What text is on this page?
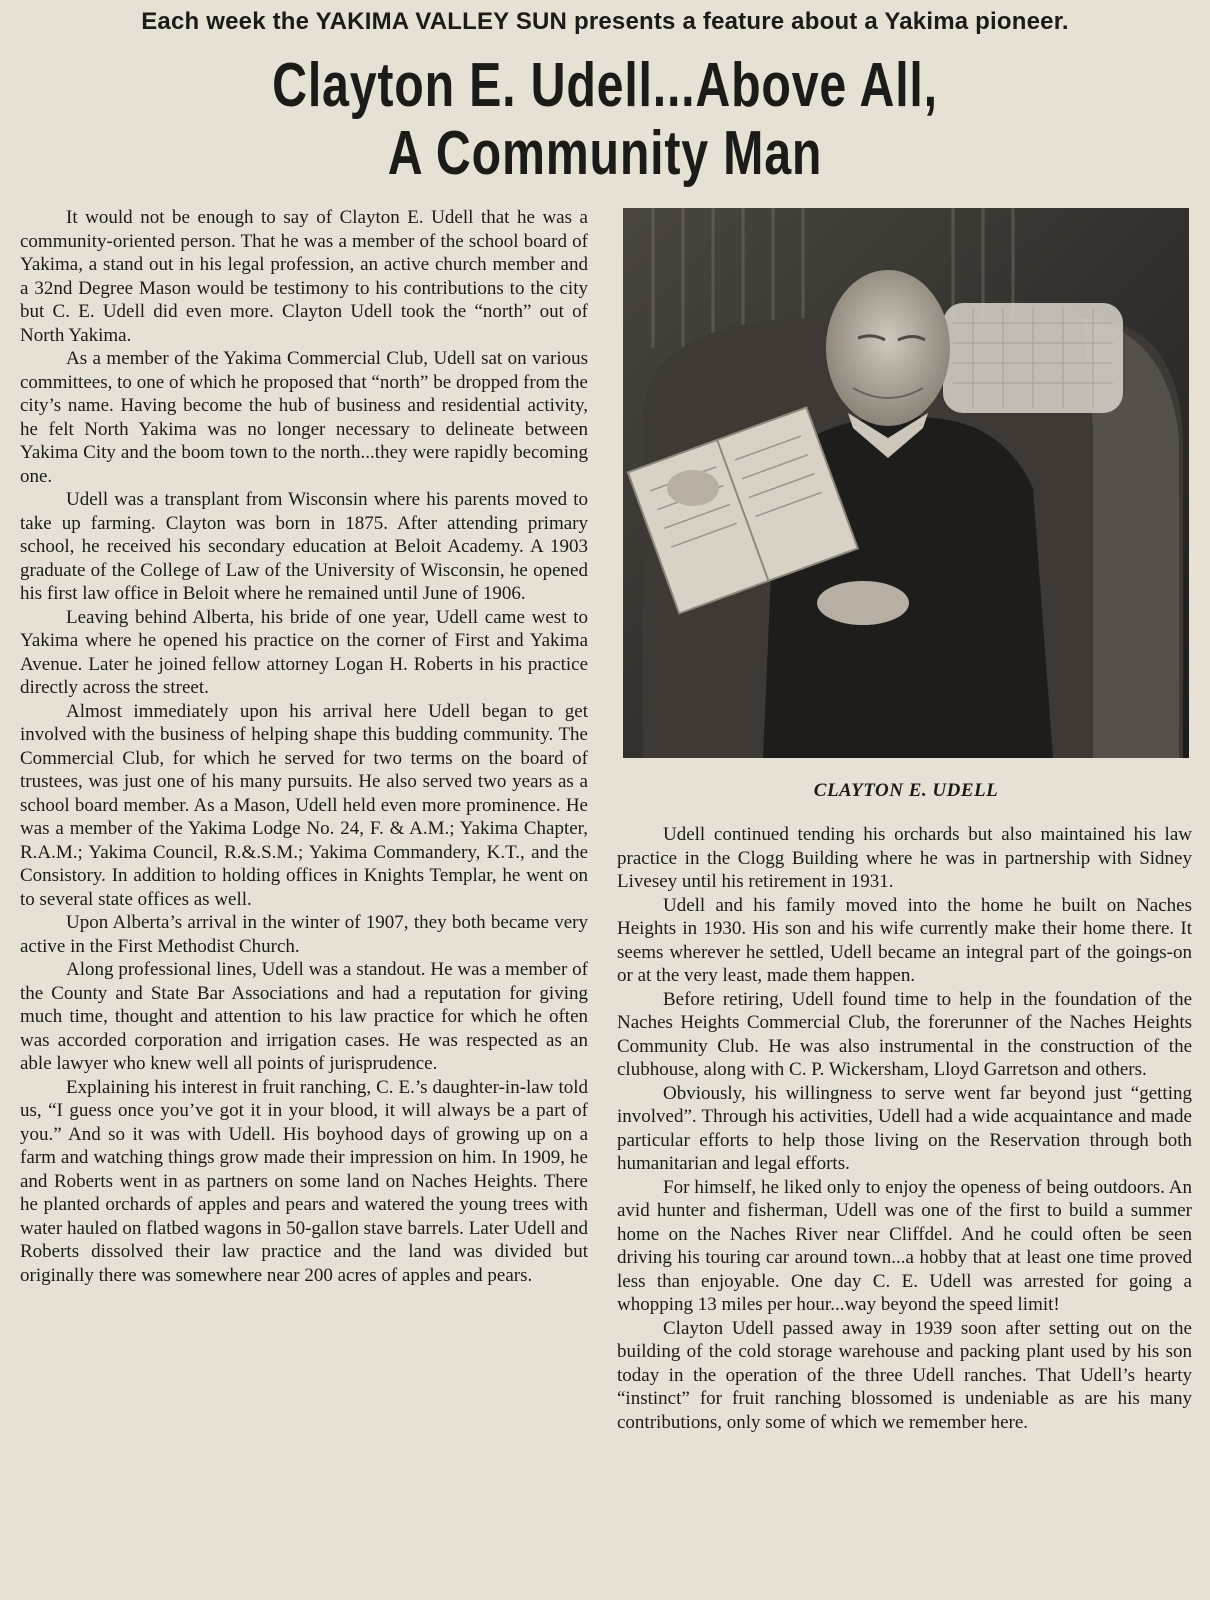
Each week the YAKIMA VALLEY SUN presents a feature about a Yakima pioneer.
Clayton E. Udell...Above All,
A Community Man

It would not be enough to say of Clayton E. Udell that he was a community-oriented person. That he was a member of the school board of Yakima, a stand out in his legal profession, an active church member and a 32nd Degree Mason would be testimony to his contributions to the city but C. E. Udell did even more. Clayton Udell took the “north” out of North Yakima.

As a member of the Yakima Commercial Club, Udell sat on various committees, to one of which he proposed that “north” be dropped from the city’s name. Having become the hub of business and residential activity, he felt North Yakima was no longer necessary to delineate between Yakima City and the boom town to the north...they were rapidly becoming one.

Udell was a transplant from Wisconsin where his parents moved to take up farming. Clayton was born in 1875. After attending primary school, he received his secondary education at Beloit Academy. A 1903 graduate of the College of Law of the University of Wisconsin, he opened his first law office in Beloit where he remained until June of 1906.

Leaving behind Alberta, his bride of one year, Udell came west to Yakima where he opened his practice on the corner of First and Yakima Avenue. Later he joined fellow attorney Logan H. Roberts in his practice directly across the street.

Almost immediately upon his arrival here Udell began to get involved with the business of helping shape this budding community. The Commercial Club, for which he served for two terms on the board of trustees, was just one of his many pursuits. He also served two years as a school board member. As a Mason, Udell held even more prominence. He was a member of the Yakima Lodge No. 24, F. & A.M.; Yakima Chapter, R.A.M.; Yakima Council, R.&.S.M.; Yakima Commandery, K.T., and the Consistory. In addition to holding offices in Knights Templar, he went on to several state offices as well.

Upon Alberta’s arrival in the winter of 1907, they both became very active in the First Methodist Church.

Along professional lines, Udell was a standout. He was a member of the County and State Bar Associations and had a reputation for giving much time, thought and attention to his law practice for which he often was accorded corporation and irrigation cases. He was respected as an able lawyer who knew well all points of jurisprudence.

Explaining his interest in fruit ranching, C. E.’s daughter-in-law told us, “I guess once you’ve got it in your blood, it will always be a part of you.” And so it was with Udell. His boyhood days of growing up on a farm and watching things grow made their impression on him. In 1909, he and Roberts went in as partners on some land on Naches Heights. There he planted orchards of apples and pears and watered the young trees with water hauled on flatbed wagons in 50-gallon stave barrels. Later Udell and Roberts dissolved their law practice and the land was divided but originally there was somewhere near 200 acres of apples and pears.

CLAYTON E. UDELL

Udell continued tending his orchards but also maintained his law practice in the Clogg Building where he was in partnership with Sidney Livesey until his retirement in 1931.

Udell and his family moved into the home he built on Naches Heights in 1930. His son and his wife currently make their home there. It seems wherever he settled, Udell became an integral part of the goings-on or at the very least, made them happen.

Before retiring, Udell found time to help in the foundation of the Naches Heights Commercial Club, the forerunner of the Naches Heights Community Club. He was also instrumental in the construction of the clubhouse, along with C. P. Wickersham, Lloyd Garretson and others.

Obviously, his willingness to serve went far beyond just “getting involved”. Through his activities, Udell had a wide acquaintance and made particular efforts to help those living on the Reservation through both humanitarian and legal efforts.

For himself, he liked only to enjoy the openess of being outdoors. An avid hunter and fisherman, Udell was one of the first to build a summer home on the Naches River near Cliffdel. And he could often be seen driving his touring car around town...a hobby that at least one time proved less than enjoyable. One day C. E. Udell was arrested for going a whopping 13 miles per hour...way beyond the speed limit!

Clayton Udell passed away in 1939 soon after setting out on the building of the cold storage warehouse and packing plant used by his son today in the operation of the three Udell ranches. That Udell’s hearty “instinct” for fruit ranching blossomed is undeniable as are his many contributions, only some of which we remember here.
